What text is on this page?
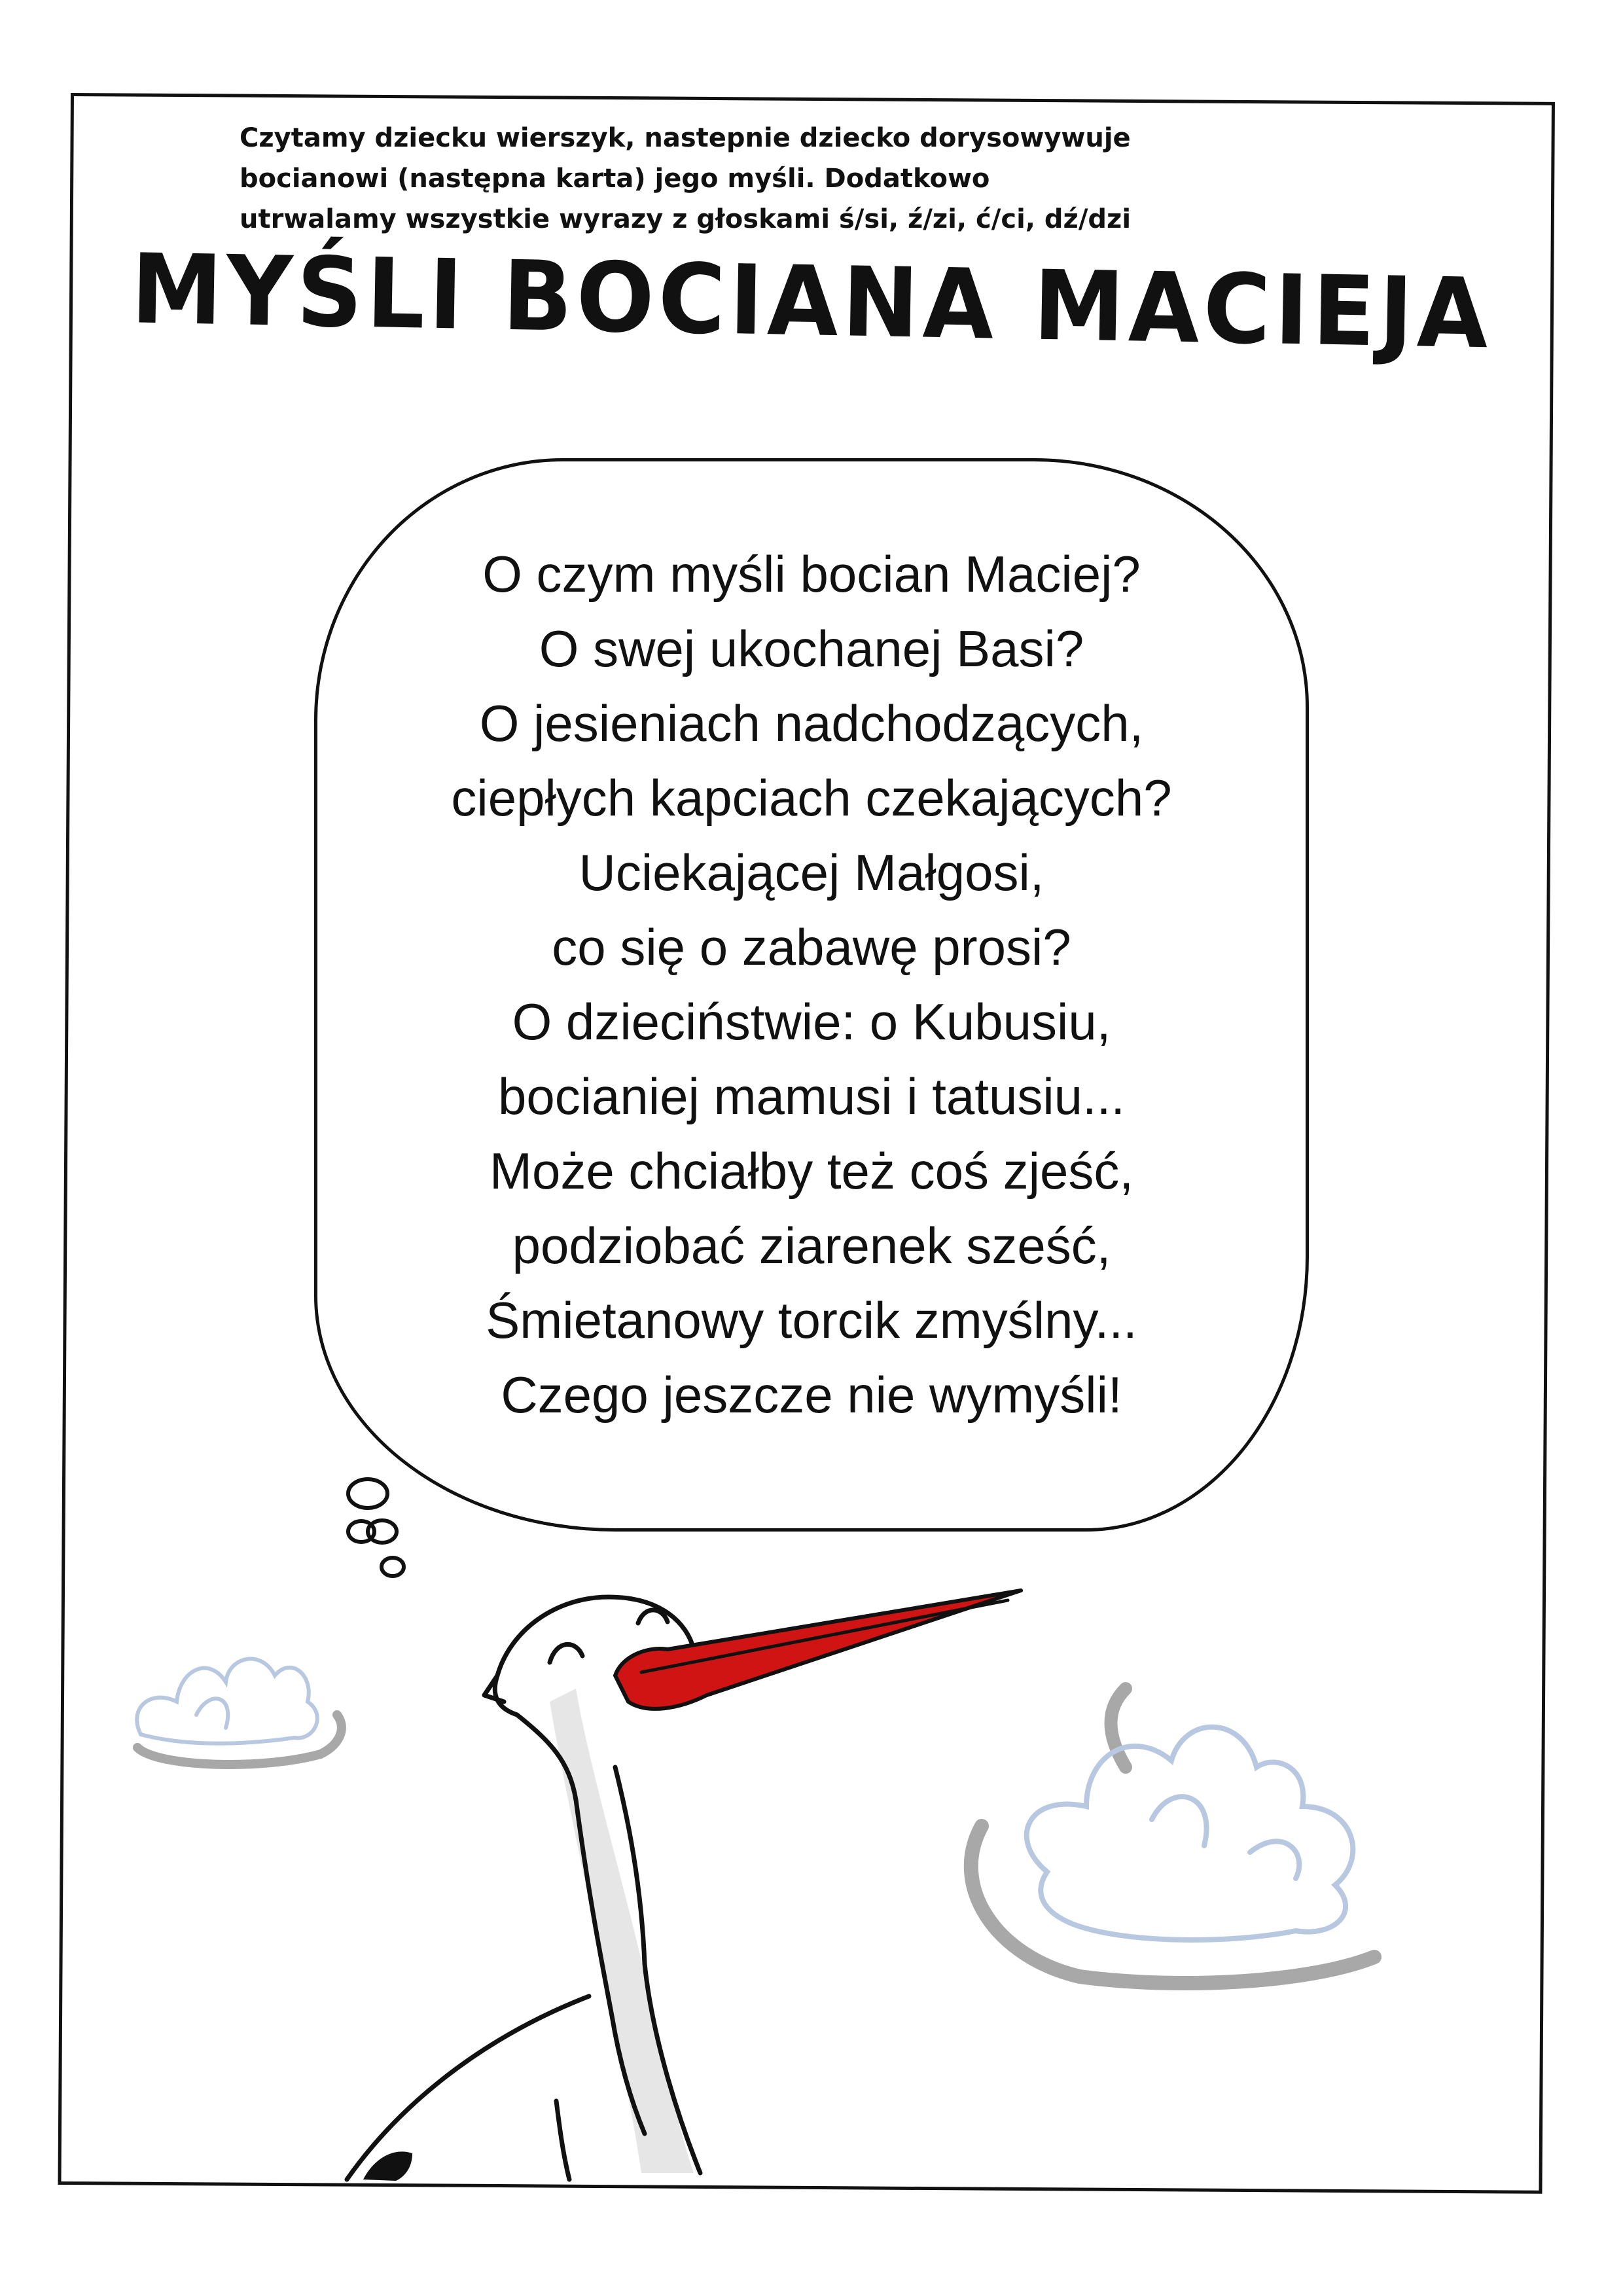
Czytamy dziecku wierszyk, nastepnie dziecko dorysowywuje
bocianowi (następna karta) jego myśli. Dodatkowo
utrwalamy wszystkie wyrazy z głoskami ś/si, ź/zi, ć/ci, dź/dzi
MYŚLI BOCIANA MACIEJA
O czym myśli bocian Maciej?
O swej ukochanej Basi?
O jesieniach nadchodzących,
ciepłych kapciach czekających?
Uciekającej Małgosi,
co się o zabawę prosi?
O dzieciństwie: o Kubusiu,
bocianiej mamusi i tatusiu...
Może chciałby też coś zjeść,
podziobać ziarenek sześć,
Śmietanowy torcik zmyślny...
Czego jeszcze nie wymyśli!
